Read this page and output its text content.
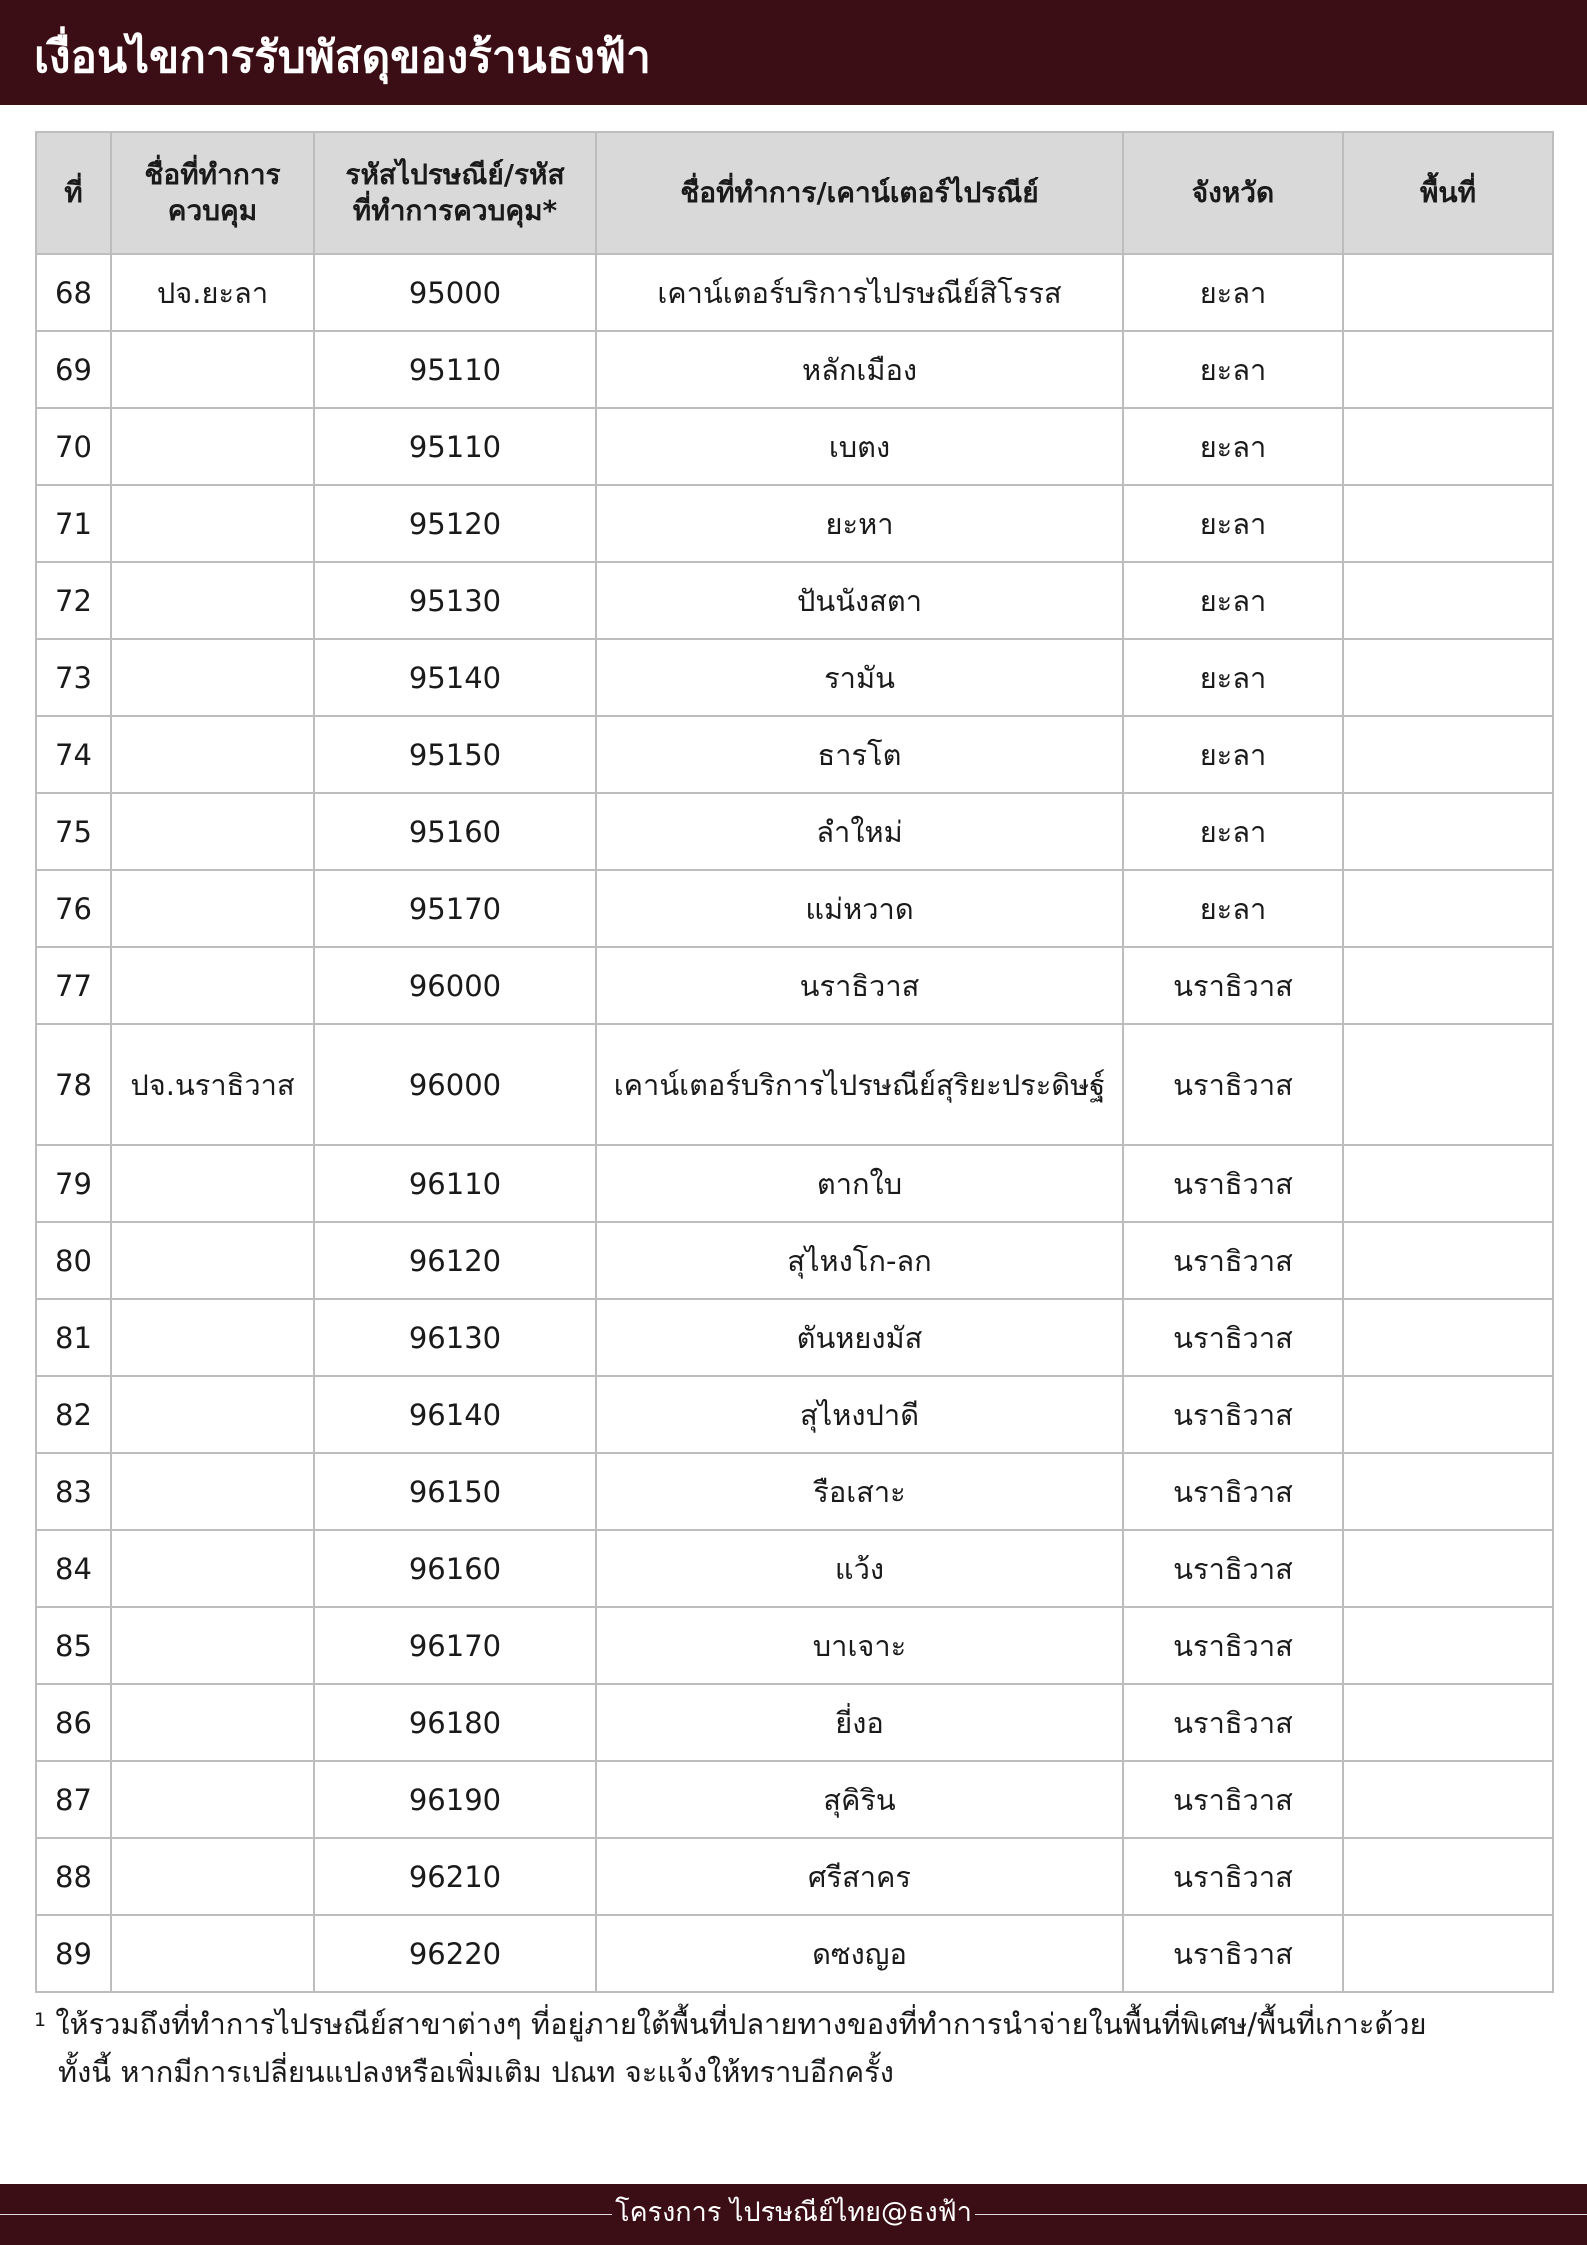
เงื่อนไขการรับพัสดุของร้านธงฟ้า
ที่	ชื่อที่ทำการควบคุม	รหัสไปรษณีย์/รหัสที่ทำการควบคุม*	ชื่อที่ทำการ/เคาน์เตอร์ไปรณีย์	จังหวัด	พื้นที่
68	ปจ.ยะลา	95000	เคาน์เตอร์บริการไปรษณีย์สิโรรส	ยะลา	
69		95110	หลักเมือง	ยะลา	
70		95110	เบตง	ยะลา	
71		95120	ยะหา	ยะลา	
72		95130	ปันนังสตา	ยะลา	
73		95140	รามัน	ยะลา	
74		95150	ธารโต	ยะลา	
75		95160	ลำใหม่	ยะลา	
76		95170	แม่หวาด	ยะลา	
77		96000	นราธิวาส	นราธิวาส	
78	ปจ.นราธิวาส	96000	เคาน์เตอร์บริการไปรษณีย์สุริยะประดิษฐ์	นราธิวาส	
79		96110	ตากใบ	นราธิวาส	
80		96120	สุไหงโก-ลก	นราธิวาส	
81		96130	ตันหยงมัส	นราธิวาส	
82		96140	สุไหงปาดี	นราธิวาส	
83		96150	รือเสาะ	นราธิวาส	
84		96160	แว้ง	นราธิวาส	
85		96170	บาเจาะ	นราธิวาส	
86		96180	ยี่งอ	นราธิวาส	
87		96190	สุคิริน	นราธิวาส	
88		96210	ศรีสาคร	นราธิวาส	
89		96220	ดซงญอ	นราธิวาส	
$^1$ ให้รวมถึงที่ทำการไปรษณีย์สาขาต่างๆ ที่อยู่ภายใต้พื้นที่ปลายทางของที่ทำการนำจ่ายในพื้นที่พิเศษ/พื้นที่เกาะด้วย
ทั้งนี้ หากมีการเปลี่ยนแปลงหรือเพิ่มเติม ปณท จะแจ้งให้ทราบอีกครั้ง
โครงการ ไปรษณีย์ไทย@ธงฟ้า
